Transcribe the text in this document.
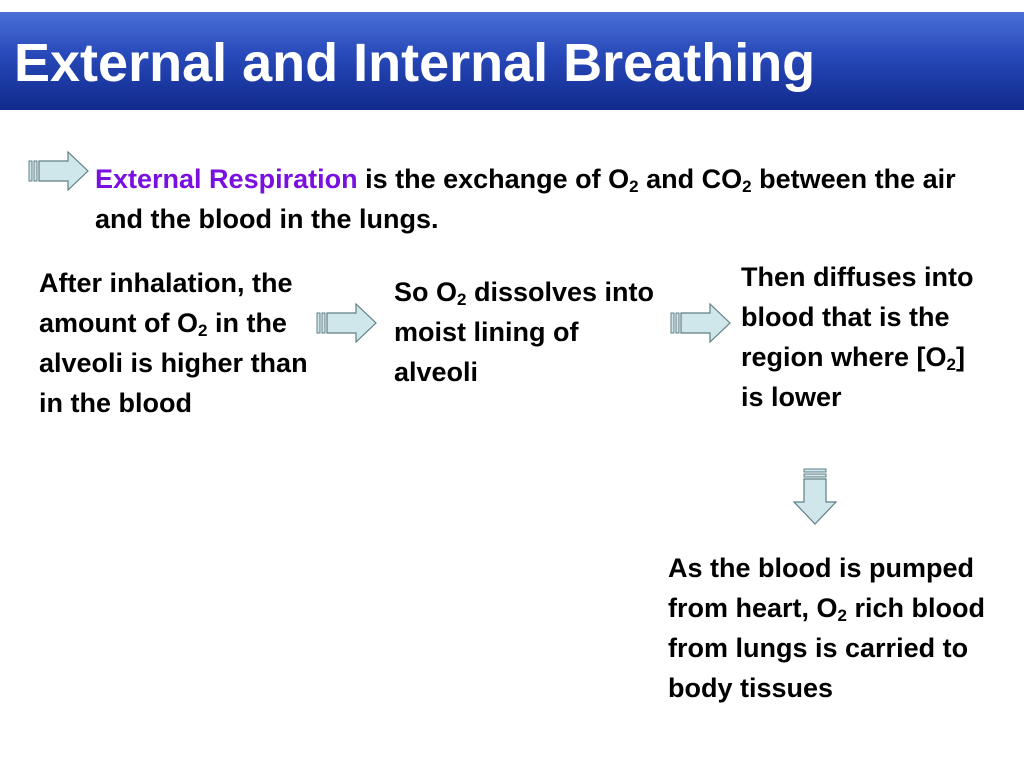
External and Internal Breathing

External Respiration is the exchange of $O_2$ and $CO_2$ between the air and the blood in the lungs.

After inhalation, the amount of $O_2$ in the alveoli is higher than in the blood

So $O_2$ dissolves into moist lining of alveoli

Then diffuses into blood that is the region where $[O_2]$ is lower

As the blood is pumped from heart, $O_2$ rich blood from lungs is carried to body tissues
